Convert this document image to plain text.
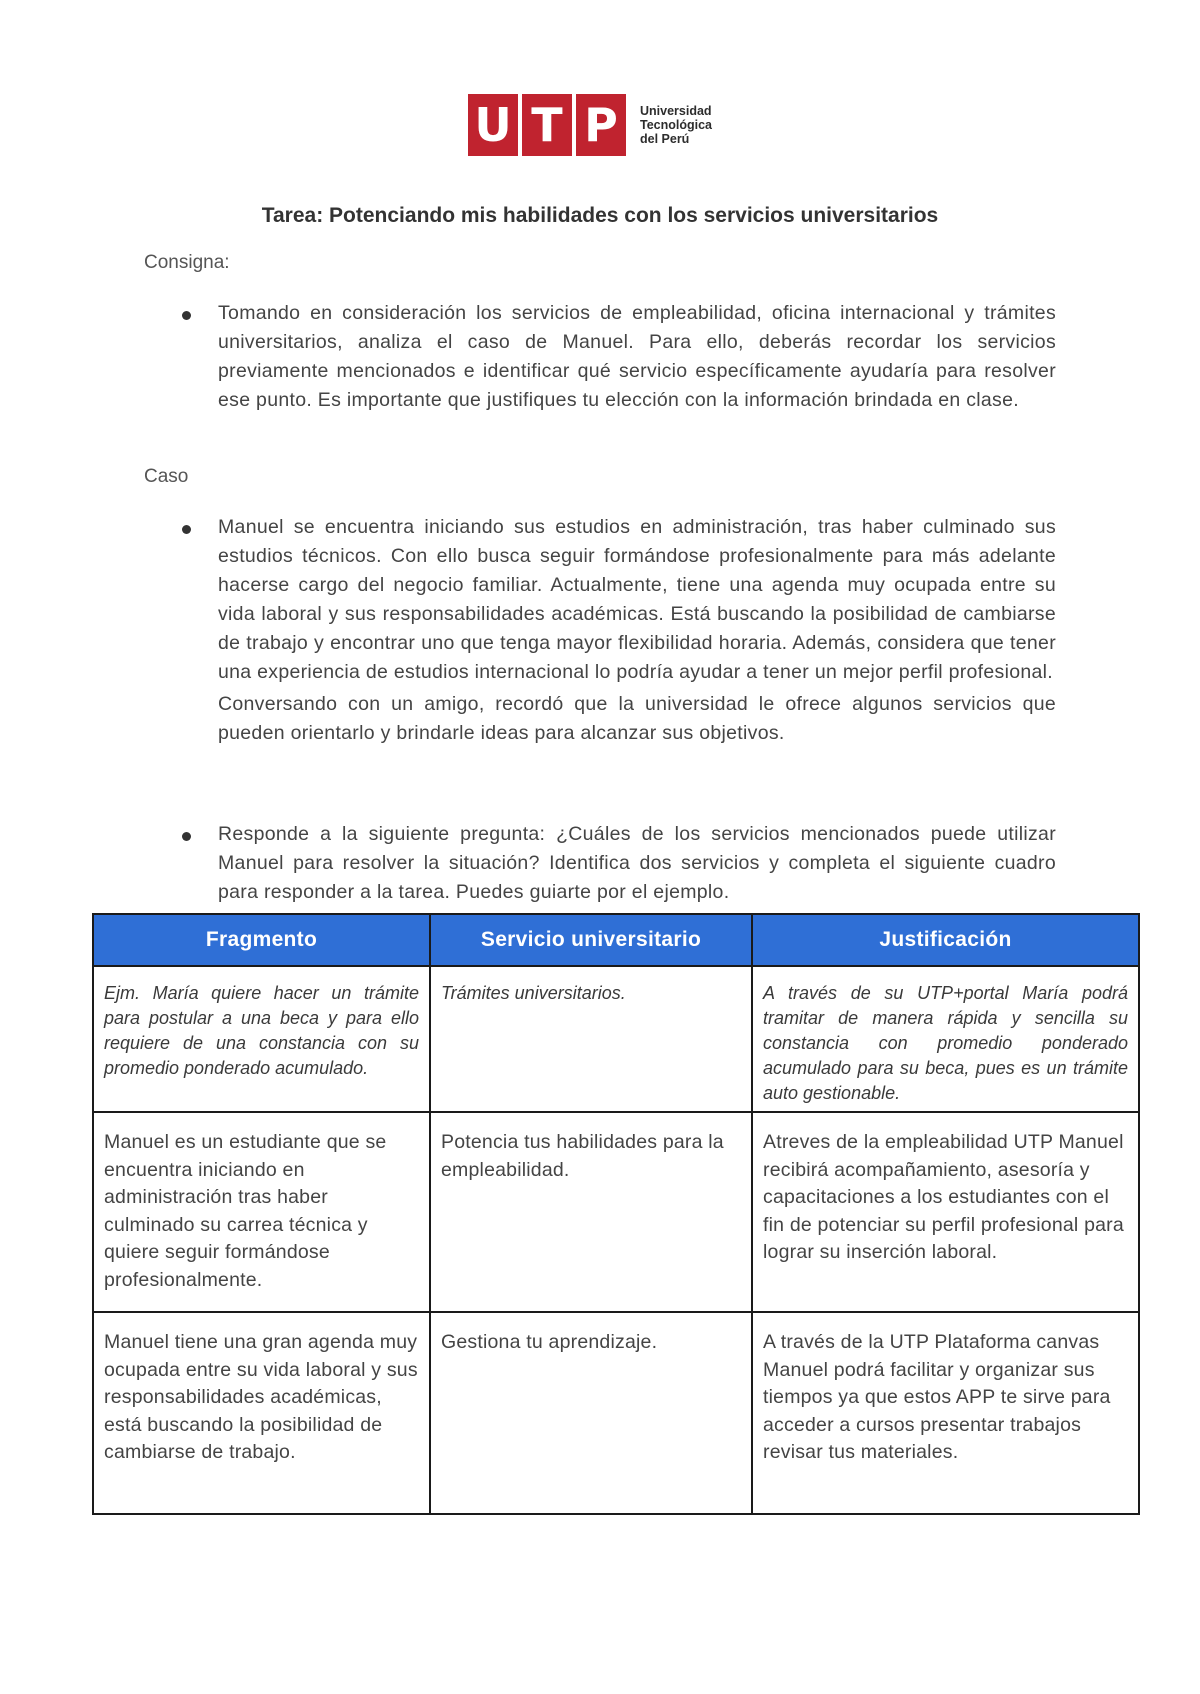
U T P	Universidad
Tecnológica
del Perú
Tarea: Potenciando mis habilidades con los servicios universitarios
Consigna:

Tomando en consideración los servicios de empleabilidad, oficina internacional y trámites universitarios, analiza el caso de Manuel. Para ello, deberás recordar los servicios previamente mencionados e identificar qué servicio específicamente ayudaría para resolver ese punto. Es importante que justifiques tu elección con la información brindada en clase.

Caso

Manuel se encuentra iniciando sus estudios en administración, tras haber culminado sus estudios técnicos. Con ello busca seguir formándose profesionalmente para más adelante hacerse cargo del negocio familiar. Actualmente, tiene una agenda muy ocupada entre su vida laboral y sus responsabilidades académicas. Está buscando la posibilidad de cambiarse de trabajo y encontrar uno que tenga mayor flexibilidad horaria. Además, considera que tener una experiencia de estudios internacional lo podría ayudar a tener un mejor perfil profesional.

Conversando con un amigo, recordó que la universidad le ofrece algunos servicios que pueden orientarlo y brindarle ideas para alcanzar sus objetivos.

Responde a la siguiente pregunta: ¿Cuáles de los servicios mencionados puede utilizar Manuel para resolver la situación? Identifica dos servicios y completa el siguiente cuadro para responder a la tarea. Puedes guiarte por el ejemplo.

Fragmento	Servicio universitario	Justificación
Ejm. María quiere hacer un trámite para postular a una beca y para ello requiere de una constancia con su promedio ponderado acumulado.	Trámites universitarios.	A través de su UTP+portal María podrá tramitar de manera rápida y sencilla su constancia con promedio ponderado acumulado para su beca, pues es un trámite auto gestionable.
Manuel es un estudiante que se encuentra iniciando en administración tras haber culminado su carrea técnica y quiere seguir formándose profesionalmente.	Potencia tus habilidades para la empleabilidad.	Atreves de la empleabilidad UTP Manuel recibirá acompañamiento, asesoría y capacitaciones a los estudiantes con el fin de potenciar su perfil profesional para lograr su inserción laboral.
Manuel tiene una gran agenda muy ocupada entre su vida laboral y sus responsabilidades académicas, está buscando la posibilidad de cambiarse de trabajo.	Gestiona tu aprendizaje.	A través de la UTP Plataforma canvas Manuel podrá facilitar y organizar sus tiempos ya que estos APP te sirve para acceder a cursos presentar trabajos revisar tus materiales.
